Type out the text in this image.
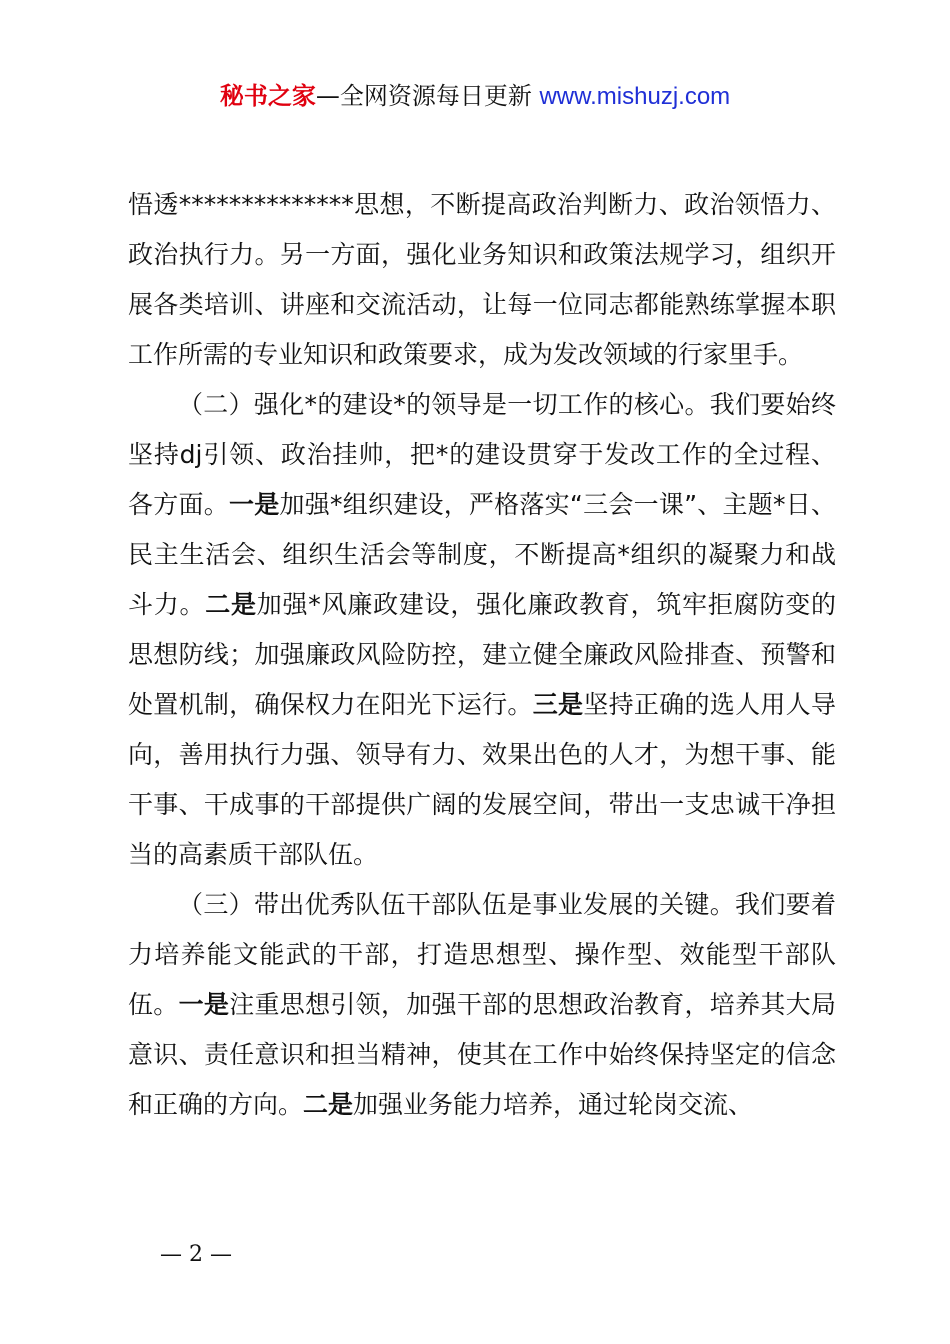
秘书之家—全网资源每日更新 www.mishuzj.com

悟透**************思想，不断提高政治判断力、政治领悟力、政治执行力。另一方面，强化业务知识和政策法规学习，组织开展各类培训、讲座和交流活动，让每一位同志都能熟练掌握本职工作所需的专业知识和政策要求，成为发改领域的行家里手。

（二）强化*的建设*的领导是一切工作的核心。我们要始终坚持dj引领、政治挂帅，把*的建设贯穿于发改工作的全过程、各方面。一是加强*组织建设，严格落实“三会一课”、主题*日、民主生活会、组织生活会等制度，不断提高*组织的凝聚力和战斗力。二是加强*风廉政建设，强化廉政教育，筑牢拒腐防变的思想防线；加强廉政风险防控，建立健全廉政风险排查、预警和处置机制，确保权力在阳光下运行。三是坚持正确的选人用人导向，善用执行力强、领导有力、效果出色的人才，为想干事、能干事、干成事的干部提供广阔的发展空间，带出一支忠诚干净担当的高素质干部队伍。

（三）带出优秀队伍干部队伍是事业发展的关键。我们要着力培养能文能武的干部，打造思想型、操作型、效能型干部队伍。一是注重思想引领，加强干部的思想政治教育，培养其大局意识、责任意识和担当精神，使其在工作中始终保持坚定的信念和正确的方向。二是加强业务能力培养，通过轮岗交流、

— 2 —
